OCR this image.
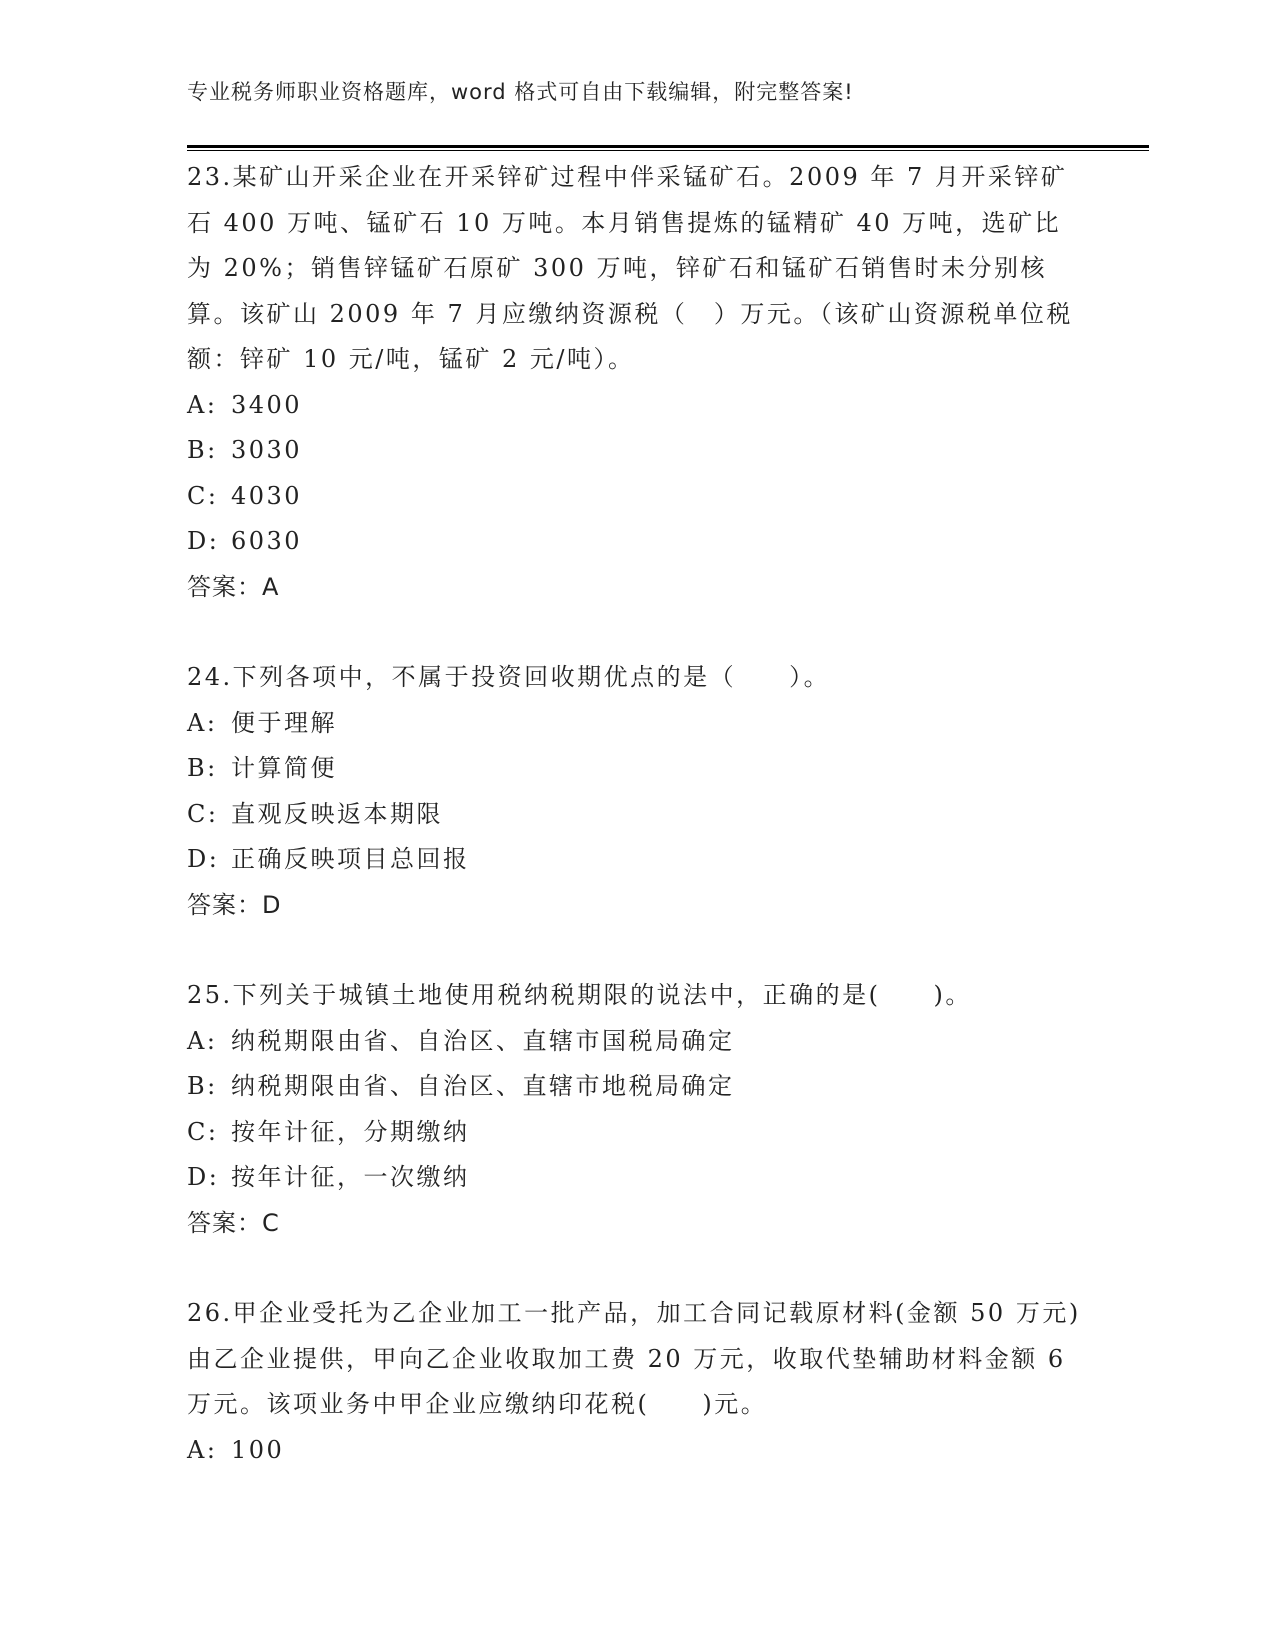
专业税务师职业资格题库，word 格式可自由下载编辑，附完整答案!

23.某矿山开采企业在开采锌矿过程中伴采锰矿石。2009 年 7 月开采锌矿石 400 万吨、锰矿石 10 万吨。本月销售提炼的锰精矿 40 万吨，选矿比为 20%；销售锌锰矿石原矿 300 万吨，锌矿石和锰矿石销售时未分别核算。该矿山 2009 年 7 月应缴纳资源税（　）万元。（该矿山资源税单位税额：锌矿 10 元/吨，锰矿 2 元/吨）。

A: 3400

B: 3030

C: 4030

D: 6030

答案：A

24.下列各项中，不属于投资回收期优点的是（　　）。

A: 便于理解

B: 计算简便

C: 直观反映返本期限

D: 正确反映项目总回报

答案：D

25.下列关于城镇土地使用税纳税期限的说法中，正确的是(　　)。

A: 纳税期限由省、自治区、直辖市国税局确定

B: 纳税期限由省、自治区、直辖市地税局确定

C: 按年计征，分期缴纳

D: 按年计征，一次缴纳

答案：C

26.甲企业受托为乙企业加工一批产品，加工合同记载原材料(金额 50 万元)由乙企业提供，甲向乙企业收取加工费 20 万元，收取代垫辅助材料金额 6 万元。该项业务中甲企业应缴纳印花税(　　)元。

A: 100
